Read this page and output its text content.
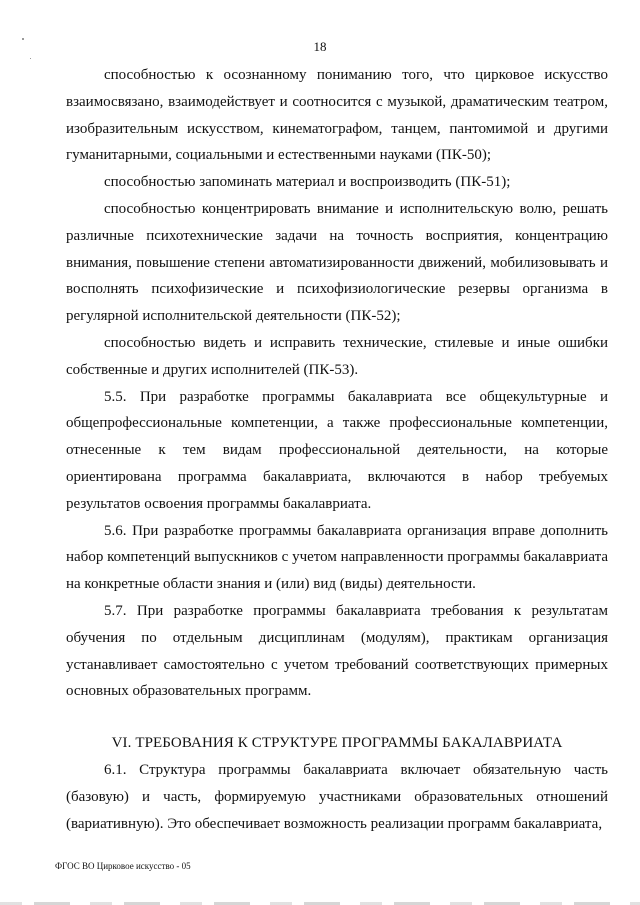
18

способностью к осознанному пониманию того, что цирковое искусство взаимосвязано, взаимодействует и соотносится с музыкой, драматическим театром, изобразительным искусством, кинематографом, танцем, пантомимой и другими гуманитарными, социальными и естественными науками (ПК-50);

способностью запоминать материал и воспроизводить (ПК-51);

способностью концентрировать внимание и исполнительскую волю, решать различные психотехнические задачи на точность восприятия, концентрацию внимания, повышение степени автоматизированности движений, мобилизовывать и восполнять психофизические и психофизиологические резервы организма в регулярной исполнительской деятельности (ПК-52);

способностью видеть и исправить технические, стилевые и иные ошибки собственные и других исполнителей (ПК-53).

5.5. При разработке программы бакалавриата все общекультурные и общепрофессиональные компетенции, а также профессиональные компетенции, отнесенные к тем видам профессиональной деятельности, на которые ориентирована программа бакалавриата, включаются в набор требуемых результатов освоения программы бакалавриата.

5.6. При разработке программы бакалавриата организация вправе дополнить набор компетенций выпускников с учетом направленности программы бакалавриата на конкретные области знания и (или) вид (виды) деятельности.

5.7. При разработке программы бакалавриата требования к результатам обучения по отдельным дисциплинам (модулям), практикам организация устанавливает самостоятельно с учетом требований соответствующих примерных основных образовательных программ.

VI. ТРЕБОВАНИЯ К СТРУКТУРЕ ПРОГРАММЫ БАКАЛАВРИАТА

6.1. Структура программы бакалавриата включает обязательную часть (базовую) и часть, формируемую участниками образовательных отношений (вариативную). Это обеспечивает возможность реализации программ бакалавриата,

ФГОС ВО Цирковое искусство - 05
